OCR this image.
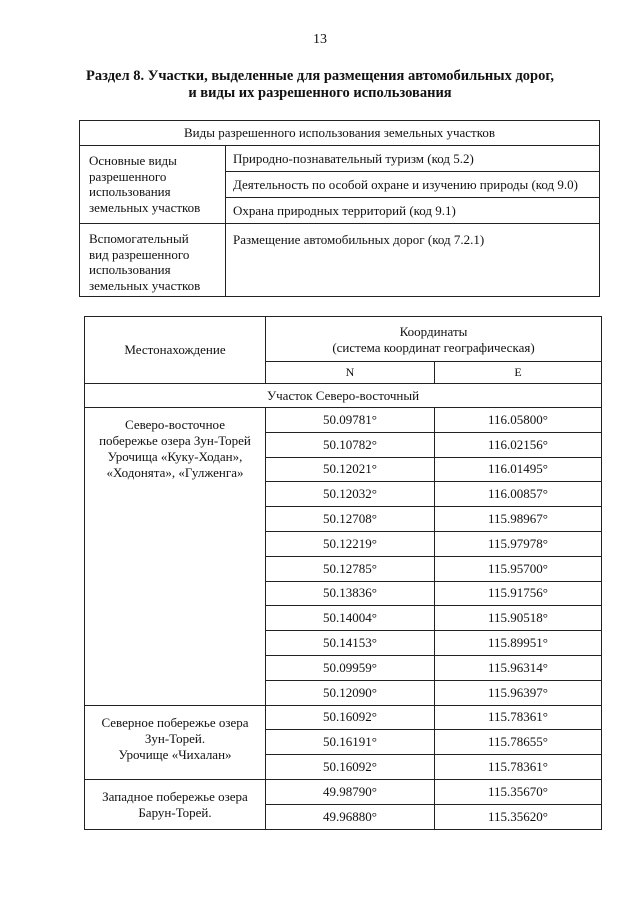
13
Раздел 8. Участки, выделенные для размещения автомобильных дорог,
и виды их разрешенного использования
Виды разрешенного использования земельных участков	

Основные виды
разрешенного
использования
земельных участков	Природно-познавательный туризм (код 5.2)
	Деятельность по особой охране и изучению природы (код 9.0)
	Охрана природных территорий (код 9.1)

Вспомогательный
вид разрешенного
использования
земельных участков	Размещение автомобильных дорог (код 7.2.1)
Местонахождение	Координаты
(система координат географическая)	

	N	E
Участок Северо-восточный		

Северо-восточное
побережье озера Зун-Торей
Урочища «Куку-Ходан»,
«Ходонята», «Гулженга»	50.09781°	116.05800°
	50.10782°	116.02156°
	50.12021°	116.01495°
	50.12032°	116.00857°
	50.12708°	115.98967°
	50.12219°	115.97978°
	50.12785°	115.95700°
	50.13836°	115.91756°
	50.14004°	115.90518°
	50.14153°	115.89951°
	50.09959°	115.96314°
	50.12090°	115.96397°

Северное побережье озера
Зун-Торей.
Урочище «Чихалан»	50.16092°	115.78361°
	50.16191°	115.78655°
	50.16092°	115.78361°

Западное побережье озера
Барун-Торей.	49.98790°	115.35670°
	49.96880°	115.35620°
